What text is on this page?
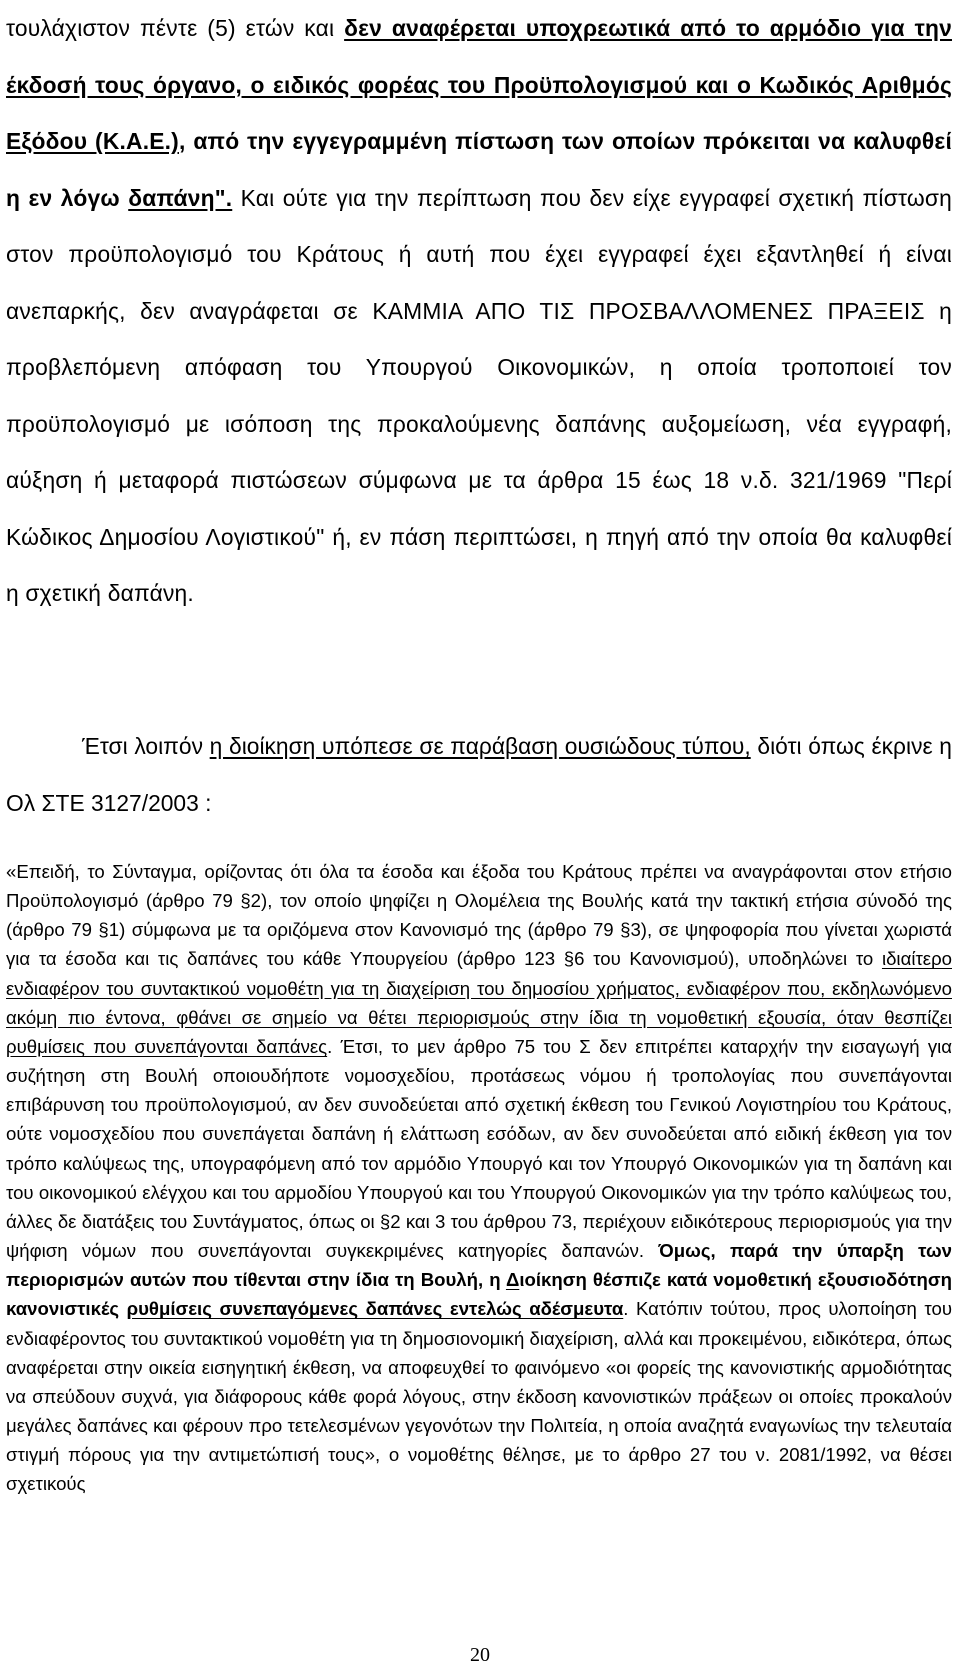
τουλάχιστον πέντε (5) ετών και δεν αναφέρεται υποχρεωτικά από το αρμόδιο για την έκδοσή τους όργανο, ο ειδικός φορέας του Προϋπολογισμού και ο Κωδικός Αριθμός Εξόδου (Κ.Α.Ε.), από την εγγεγραμμένη πίστωση των οποίων πρόκειται να καλυφθεί η εν λόγω δαπάνη". Και ούτε για την περίπτωση που δεν είχε εγγραφεί σχετική πίστωση στον προϋπολογισμό του Κράτους ή αυτή που έχει εγγραφεί έχει εξαντληθεί ή είναι ανεπαρκής, δεν αναγράφεται σε ΚΑΜΜΙΑ ΑΠΟ ΤΙΣ ΠΡΟΣΒΑΛΛΟΜΕΝΕΣ ΠΡΑΞΕΙΣ η προβλεπόμενη απόφαση του Υπουργού Οικονομικών, η οποία τροποποιεί τον προϋπολογισμό με ισόποση της προκαλούμενης δαπάνης αυξομείωση, νέα εγγραφή, αύξηση ή μεταφορά πιστώσεων σύμφωνα με τα άρθρα 15 έως 18 ν.δ. 321/1969 "Περί Κώδικος Δημοσίου Λογιστικού" ή, εν πάση περιπτώσει, η πηγή από την οποία θα καλυφθεί η σχετική δαπάνη.
Έτσι λοιπόν η διοίκηση υπόπεσε σε παράβαση ουσιώδους τύπου, διότι όπως έκρινε η Ολ ΣΤΕ 3127/2003 :
«Επειδή, το Σύνταγμα, ορίζοντας ότι όλα τα έσοδα και έξοδα του Κράτους πρέπει να αναγράφονται στον ετήσιο Προϋπολογισμό (άρθρο 79 §2), τον οποίο ψηφίζει η Ολομέλεια της Βουλής κατά την τακτική ετήσια σύνοδό της (άρθρο 79 §1) σύμφωνα με τα οριζόμενα στον Κανονισμό της (άρθρο 79 §3), σε ψηφοφορία που γίνεται χωριστά για τα έσοδα και τις δαπάνες του κάθε Υπουργείου (άρθρο 123 §6 του Κανονισμού), υποδηλώνει το ιδιαίτερο ενδιαφέρον του συντακτικού νομοθέτη για τη διαχείριση του δημοσίου χρήματος, ενδιαφέρον που, εκδηλωνόμενο ακόμη πιο έντονα, φθάνει σε σημείο να θέτει περιορισμούς στην ίδια τη νομοθετική εξουσία, όταν θεσπίζει ρυθμίσεις που συνεπάγονται δαπάνες. Έτσι, το μεν άρθρο 75 του Σ δεν επιτρέπει καταρχήν την εισαγωγή για συζήτηση στη Βουλή οποιουδήποτε νομοσχεδίου, προτάσεως νόμου ή τροπολογίας που συνεπάγονται επιβάρυνση του προϋπολογισμού, αν δεν συνοδεύεται από σχετική έκθεση του Γενικού Λογιστηρίου του Κράτους, ούτε νομοσχεδίου που συνεπάγεται δαπάνη ή ελάττωση εσόδων, αν δεν συνοδεύεται από ειδική έκθεση για τον τρόπο καλύψεως της, υπογραφόμενη από τον αρμόδιο Υπουργό και τον Υπουργό Οικονομικών για τη δαπάνη και του οικονομικού ελέγχου και του αρμοδίου Υπουργού και του Υπουργού Οικονομικών για την τρόπο καλύψεως του, άλλες δε διατάξεις του Συντάγματος, όπως οι §2 και 3 του άρθρου 73, περιέχουν ειδικότερους περιορισμούς για την ψήφιση νόμων που συνεπάγονται συγκεκριμένες κατηγορίες δαπανών. Όμως, παρά την ύπαρξη των περιορισμών αυτών που τίθενται στην ίδια τη Βουλή, η Διοίκηση θέσπιζε κατά νομοθετική εξουσιοδότηση κανονιστικές ρυθμίσεις συνεπαγόμενες δαπάνες εντελώς αδέσμευτα. Κατόπιν τούτου, προς υλοποίηση του ενδιαφέροντος του συντακτικού νομοθέτη για τη δημοσιονομική διαχείριση, αλλά και προκειμένου, ειδικότερα, όπως αναφέρεται στην οικεία εισηγητική έκθεση, να αποφευχθεί το φαινόμενο «οι φορείς της κανονιστικής αρμοδιότητας να σπεύδουν συχνά, για διάφορους κάθε φορά λόγους, στην έκδοση κανονιστικών πράξεων οι οποίες προκαλούν μεγάλες δαπάνες και φέρουν προ τετελεσμένων γεγονότων την Πολιτεία, η οποία αναζητά εναγωνίως την τελευταία στιγμή πόρους για την αντιμετώπισή τους», ο νομοθέτης θέλησε, με το άρθρο 27 του ν. 2081/1992, να θέσει σχετικούς
20
